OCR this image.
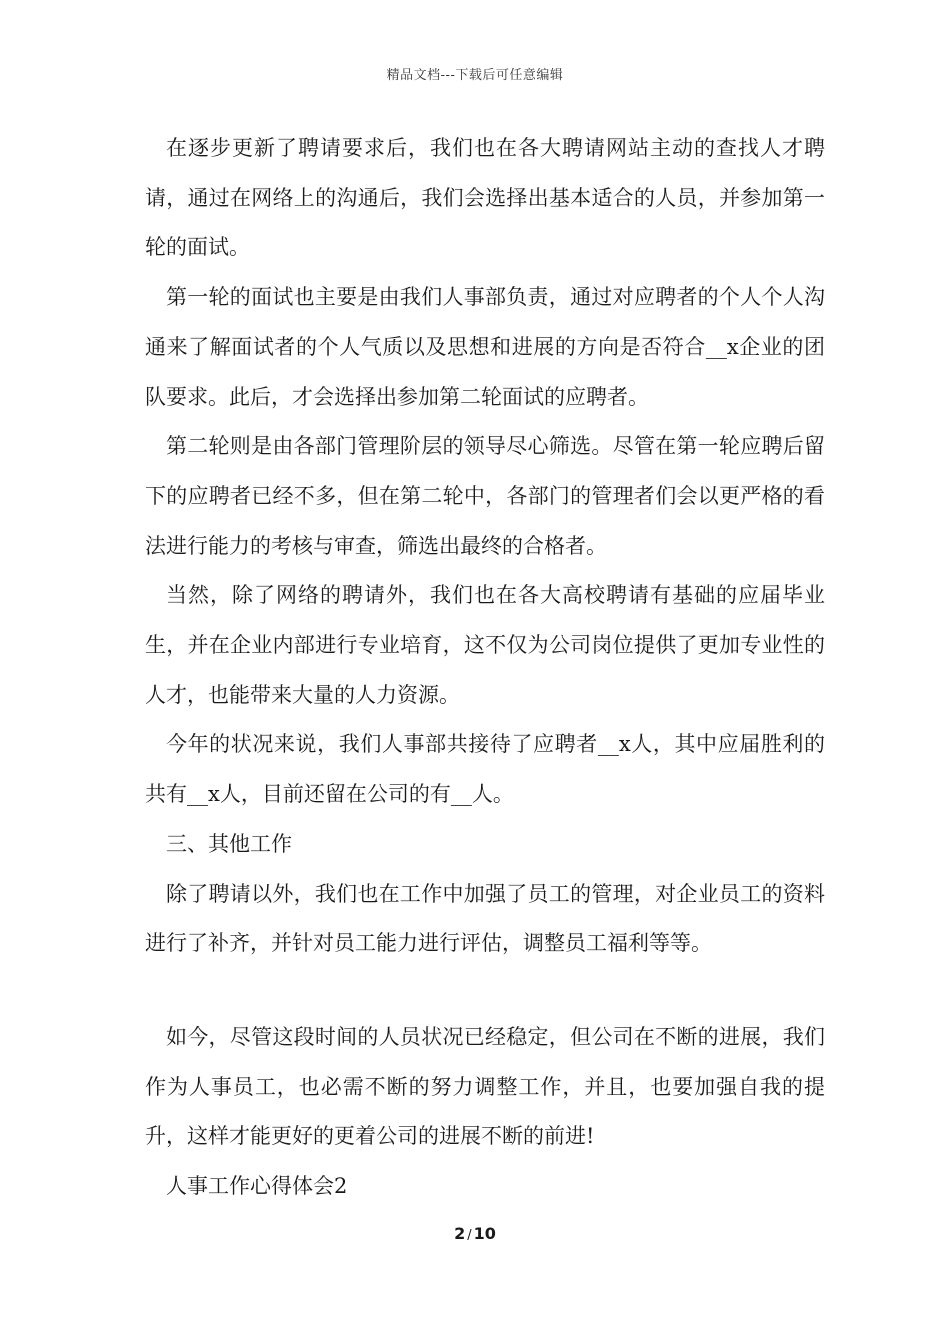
精品文档---下载后可任意编辑

在逐步更新了聘请要求后，我们也在各大聘请网站主动的查找人才聘请，通过在网络上的沟通后，我们会选择出基本适合的人员，并参加第一轮的面试。

第一轮的面试也主要是由我们人事部负责，通过对应聘者的个人个人沟通来了解面试者的个人气质以及思想和进展的方向是否符合__x企业的团队要求。此后，才会选择出参加第二轮面试的应聘者。

第二轮则是由各部门管理阶层的领导尽心筛选。尽管在第一轮应聘后留下的应聘者已经不多，但在第二轮中，各部门的管理者们会以更严格的看法进行能力的考核与审查，筛选出最终的合格者。

当然，除了网络的聘请外，我们也在各大高校聘请有基础的应届毕业生，并在企业内部进行专业培育，这不仅为公司岗位提供了更加专业性的人才，也能带来大量的人力资源。

今年的状况来说，我们人事部共接待了应聘者__x人，其中应届胜利的共有__x人，目前还留在公司的有__人。

三、其他工作

除了聘请以外，我们也在工作中加强了员工的管理，对企业员工的资料进行了补齐，并针对员工能力进行评估，调整员工福利等等。

如今，尽管这段时间的人员状况已经稳定，但公司在不断的进展，我们作为人事员工，也必需不断的努力调整工作，并且，也要加强自我的提升，这样才能更好的更着公司的进展不断的前进!

人事工作心得体会2

2 / 10
